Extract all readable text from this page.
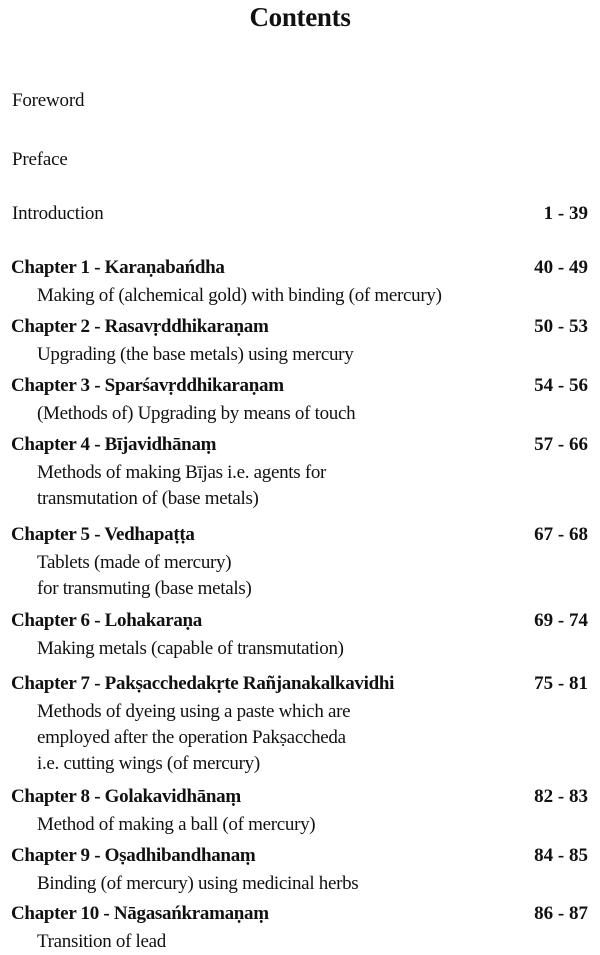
Contents
Foreword
Preface
Introduction	1 - 39
Chapter 1 - Karaṇabańdha	40 - 49
Making of (alchemical gold) with binding (of mercury)
Chapter 2 - Rasavṛddhikaraṇam	50 - 53
Upgrading (the base metals) using mercury
Chapter 3 - Sparśavṛddhikaraṇam	54 - 56
(Methods of) Upgrading by means of touch
Chapter 4 - Bījavidhānaṃ	57 - 66
Methods of making Bījas i.e. agents for
transmutation of (base metals)
Chapter 5 - Vedhapaṭṭa	67 - 68
Tablets (made of mercury)
for transmuting (base metals)
Chapter 6 - Lohakaraṇa	69 - 74
Making metals (capable of transmutation)
Chapter 7 - Pakṣacchedakṛte Rañjanakalkavidhi	75 - 81
Methods of dyeing using a paste which are
employed after the operation Pakṣaccheda
i.e. cutting wings (of mercury)
Chapter 8 - Golakavidhānaṃ	82 - 83
Method of making a ball (of mercury)
Chapter 9 - Oṣadhibandhanaṃ	84 - 85
Binding (of mercury) using medicinal herbs
Chapter 10 - Nāgasańkramaṇaṃ	86 - 87
Transition of lead
